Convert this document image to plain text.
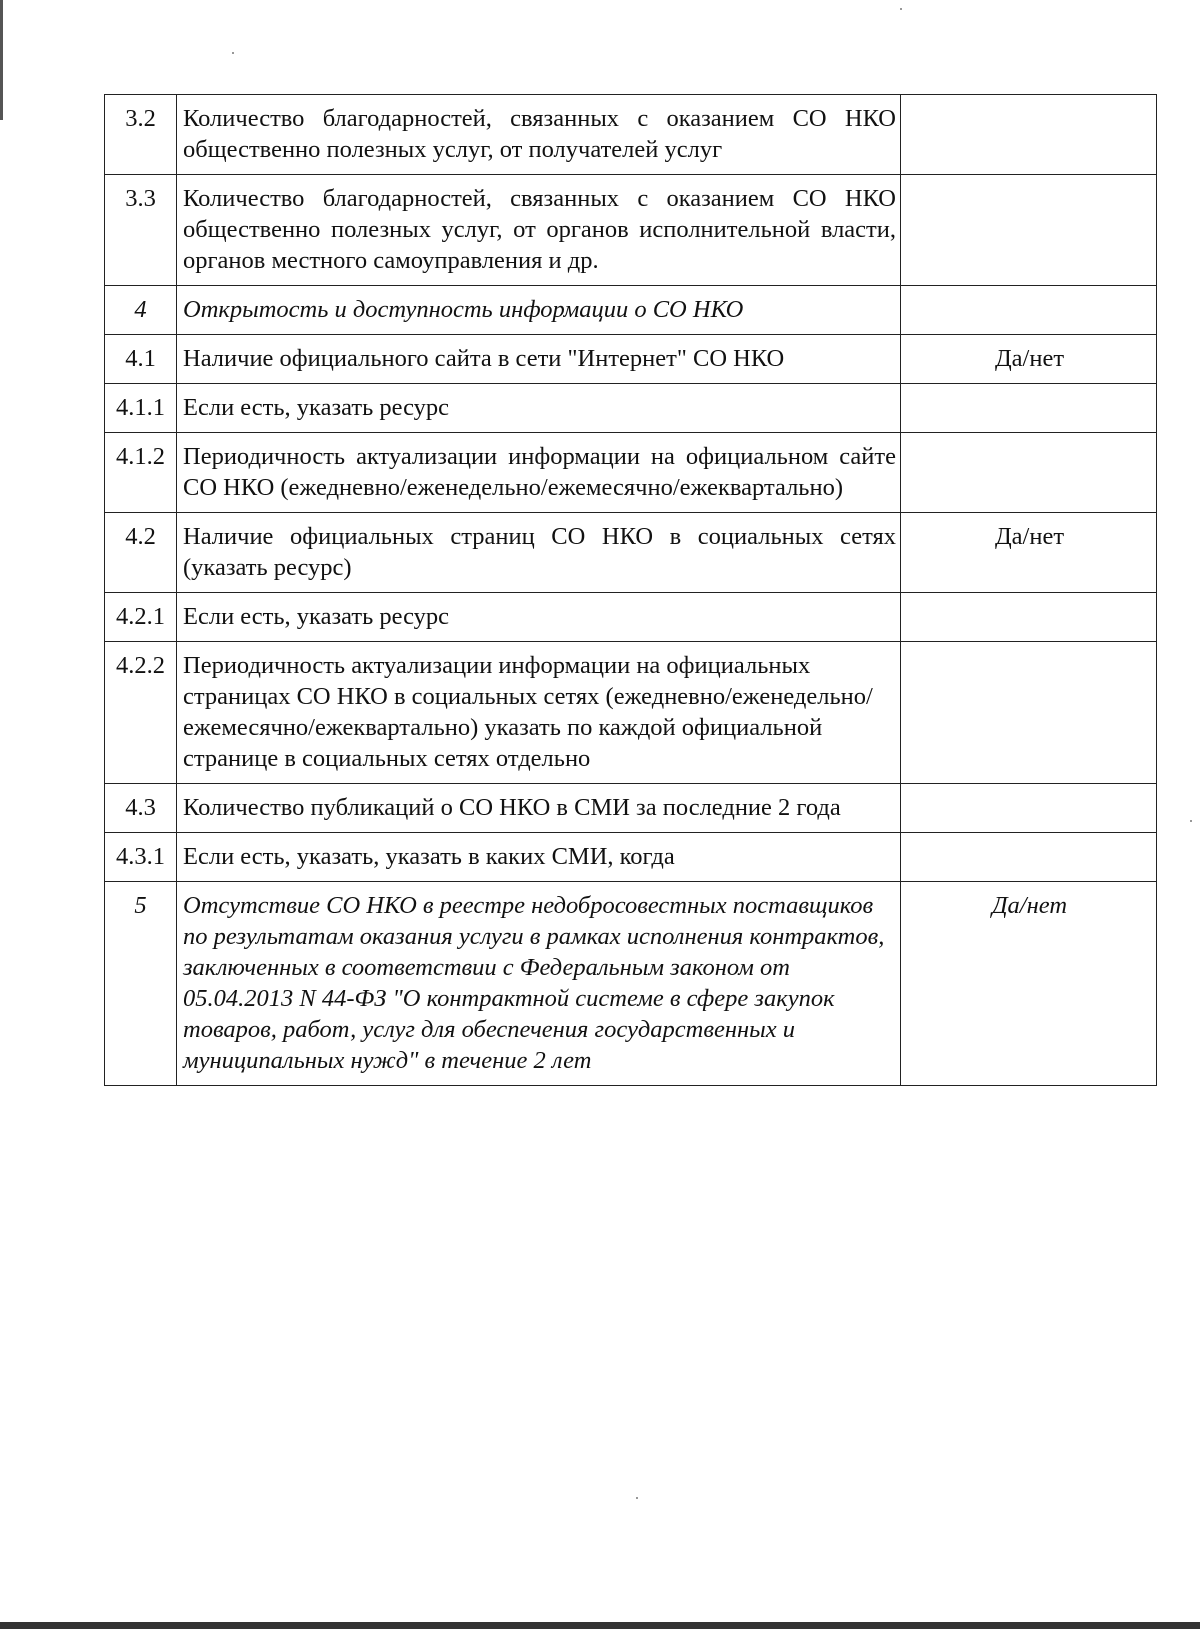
3.2	Количество благодарностей, связанных с оказанием СО НКО общественно полезных услуг, от получателей услуг	
3.3	Количество благодарностей, связанных с оказанием СО НКО общественно полезных услуг, от органов исполнительной власти, органов местного самоуправления и др.	
4	Открытость и доступность информации о СО НКО	
4.1	Наличие официального сайта в сети "Интернет" СО НКО	Да/нет
4.1.1	Если есть, указать ресурс	
4.1.2	Периодичность актуализации информации на официальном сайте СО НКО (ежедневно/еженедельно/ежемесячно/ежеквартально)	
4.2	Наличие официальных страниц СО НКО в социальных сетях (указать ресурс)	Да/нет
4.2.1	Если есть, указать ресурс	
4.2.2	Периодичность актуализации информации на официальных страницах СО НКО в социальных сетях (ежедневно/еженедельно/ежемесячно/ежеквартально) указать по каждой официальной странице в социальных сетях отдельно	
4.3	Количество публикаций о СО НКО в СМИ за последние 2 года	
4.3.1	Если есть, указать, указать в каких СМИ, когда	
5	Отсутствие СО НКО в реестре недобросовестных поставщиков по результатам оказания услуги в рамках исполнения контрактов, заключенных в соответствии с Федеральным законом от 05.04.2013 N 44-ФЗ "О контрактной системе в сфере закупок товаров, работ, услуг для обеспечения государственных и муниципальных нужд" в течение 2 лет	Да/нет
